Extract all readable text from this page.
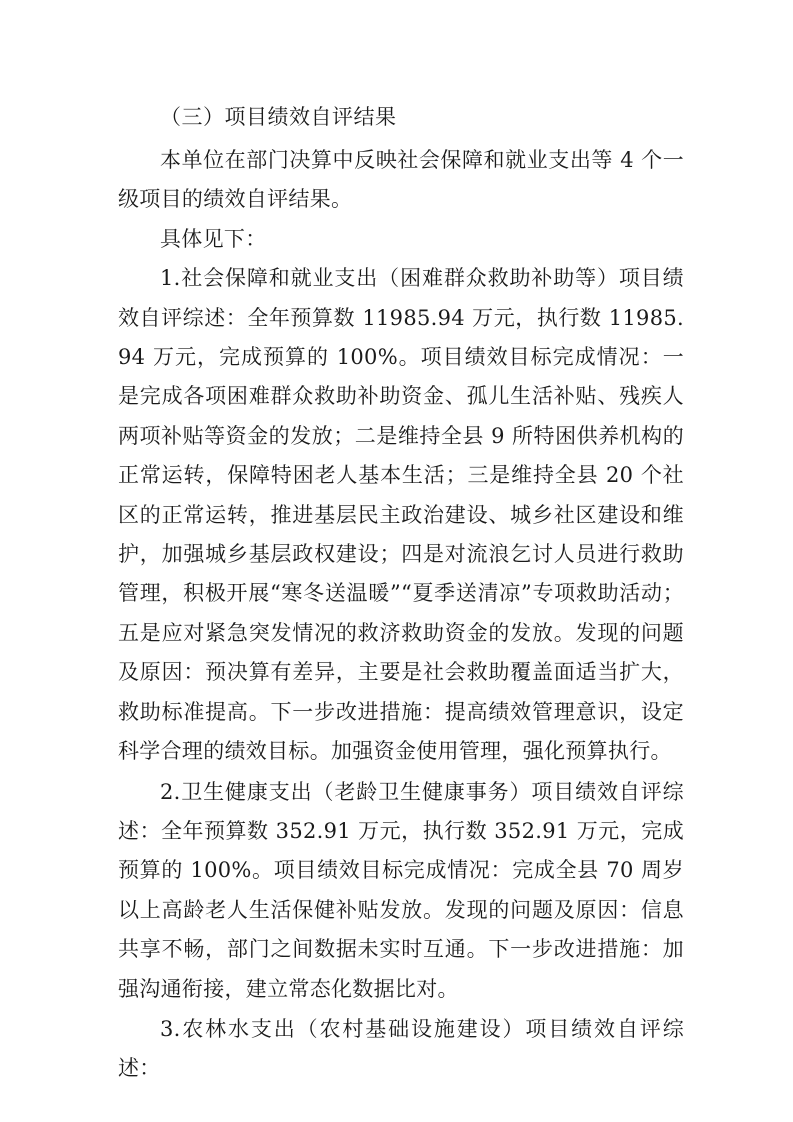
（三）项目绩效自评结果

本单位在部门决算中反映社会保障和就业支出等 4 个一级项目的绩效自评结果。

具体见下：

1.社会保障和就业支出（困难群众救助补助等）项目绩效自评综述：全年预算数 11985.94 万元，执行数 11985.94 万元，完成预算的 100%。项目绩效目标完成情况：一是完成各项困难群众救助补助资金、孤儿生活补贴、残疾人两项补贴等资金的发放；二是维持全县 9 所特困供养机构的正常运转，保障特困老人基本生活；三是维持全县 20 个社区的正常运转，推进基层民主政治建设、城乡社区建设和维护，加强城乡基层政权建设；四是对流浪乞讨人员进行救助管理，积极开展“寒冬送温暖”“夏季送清凉”专项救助活动；五是应对紧急突发情况的救济救助资金的发放。发现的问题及原因：预决算有差异，主要是社会救助覆盖面适当扩大，救助标准提高。下一步改进措施：提高绩效管理意识，设定科学合理的绩效目标。加强资金使用管理，强化预算执行。

2.卫生健康支出（老龄卫生健康事务）项目绩效自评综述：全年预算数 352.91 万元，执行数 352.91 万元，完成预算的 100%。项目绩效目标完成情况：完成全县 70 周岁以上高龄老人生活保健补贴发放。发现的问题及原因：信息共享不畅，部门之间数据未实时互通。下一步改进措施：加强沟通衔接，建立常态化数据比对。

3.农林水支出（农村基础设施建设）项目绩效自评综述：
